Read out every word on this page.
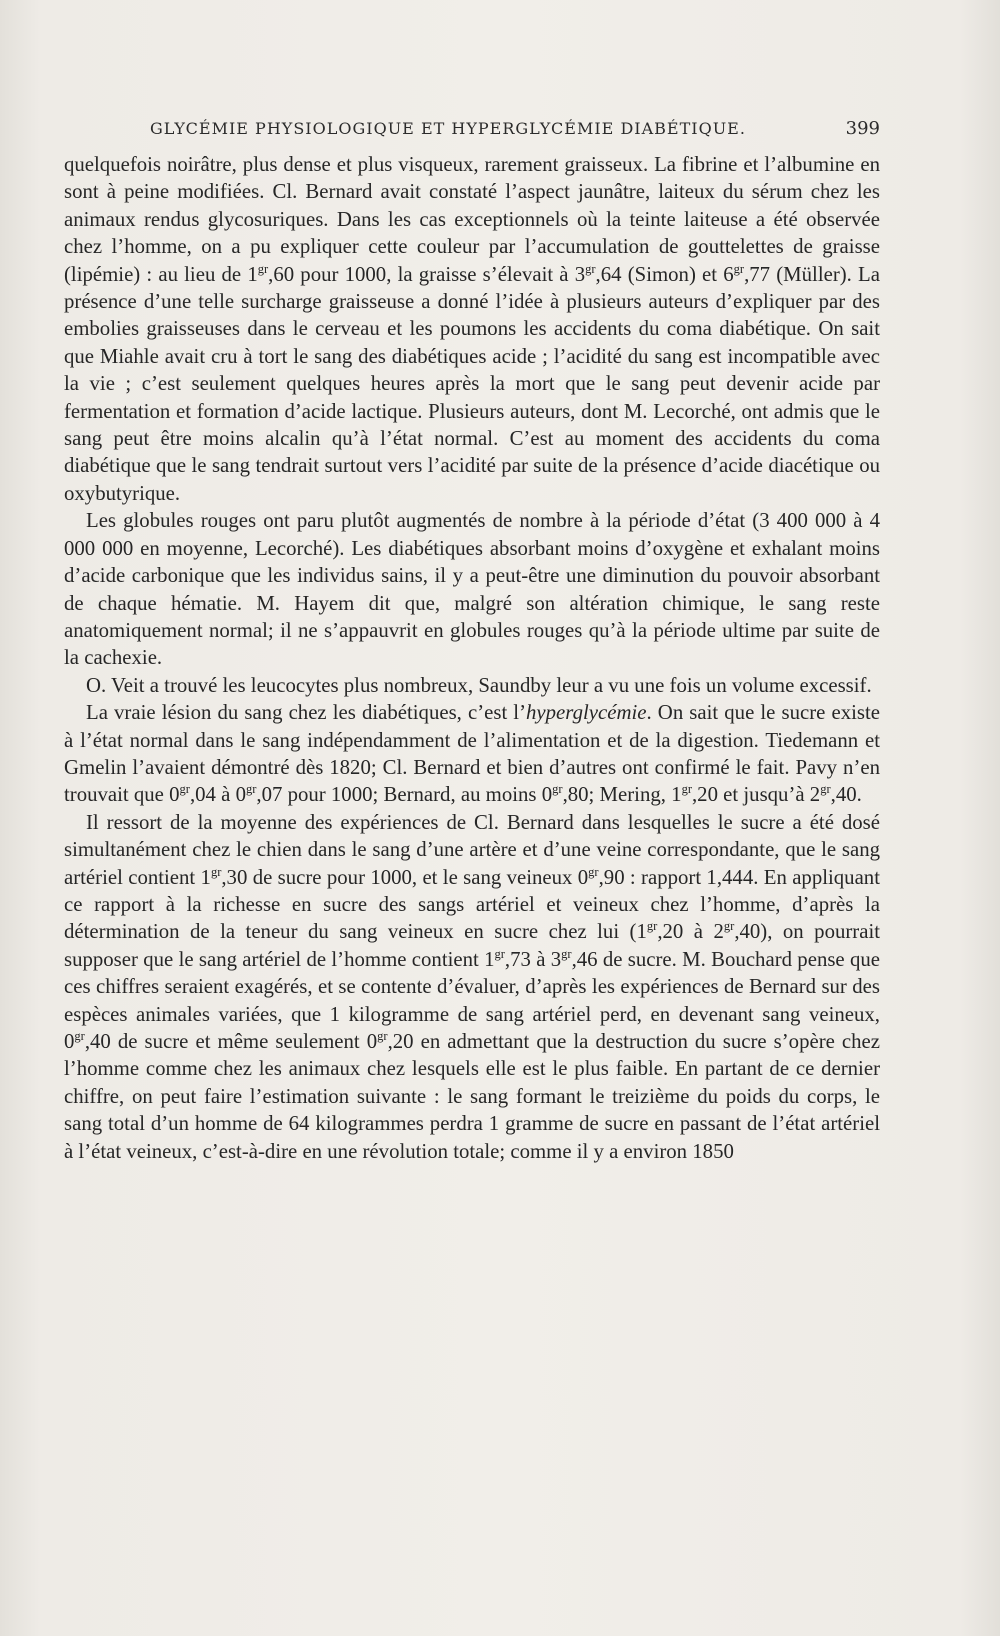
GLYCÉMIE PHYSIOLOGIQUE ET HYPERGLYCÉMIE DIABÉTIQUE.	399

quelquefois noirâtre, plus dense et plus visqueux, rarement graisseux. La fibrine et l’albumine en sont à peine modifiées. Cl. Bernard avait constaté l’aspect jaunâtre, laiteux du sérum chez les animaux rendus glycosuriques. Dans les cas exceptionnels où la teinte laiteuse a été observée chez l’homme, on a pu expliquer cette couleur par l’accumulation de gouttelettes de graisse (lipémie) : au lieu de $1^{gr},60$ pour 1000, la graisse s’élevait à $3^{gr},64$ (Simon) et $6^{gr},77$ (Müller). La présence d’une telle surcharge graisseuse a donné l’idée à plusieurs auteurs d’expliquer par des embolies graisseuses dans le cerveau et les poumons les accidents du coma diabétique. On sait que Miahle avait cru à tort le sang des diabétiques acide ; l’acidité du sang est incompatible avec la vie ; c’est seulement quelques heures après la mort que le sang peut devenir acide par fermentation et formation d’acide lactique. Plusieurs auteurs, dont M. Lecorché, ont admis que le sang peut être moins alcalin qu’à l’état normal. C’est au moment des accidents du coma diabétique que le sang tendrait surtout vers l’acidité par suite de la présence d’acide diacétique ou oxybutyrique.

Les globules rouges ont paru plutôt augmentés de nombre à la période d’état (3 400 000 à 4 000 000 en moyenne, Lecorché). Les diabétiques absorbant moins d’oxygène et exhalant moins d’acide carbonique que les individus sains, il y a peut-être une diminution du pouvoir absorbant de chaque hématie. M. Hayem dit que, malgré son altération chimique, le sang reste anatomiquement normal; il ne s’appauvrit en globules rouges qu’à la période ultime par suite de la cachexie.

O. Veit a trouvé les leucocytes plus nombreux, Saundby leur a vu une fois un volume excessif.

La vraie lésion du sang chez les diabétiques, c’est l’hyperglycémie. On sait que le sucre existe à l’état normal dans le sang indépendamment de l’alimentation et de la digestion. Tiedemann et Gmelin l’avaient démontré dès 1820; Cl. Bernard et bien d’autres ont confirmé le fait. Pavy n’en trouvait que $0^{gr},04$ à $0^{gr},07$ pour 1000; Bernard, au moins $0^{gr},80$; Mering, $1^{gr},20$ et jusqu’à $2^{gr},40$.

Il ressort de la moyenne des expériences de Cl. Bernard dans lesquelles le sucre a été dosé simultanément chez le chien dans le sang d’une artère et d’une veine correspondante, que le sang artériel contient $1^{gr},30$ de sucre pour 1000, et le sang veineux $0^{gr},90$ : rapport 1,444. En appliquant ce rapport à la richesse en sucre des sangs artériel et veineux chez l’homme, d’après la détermination de la teneur du sang veineux en sucre chez lui ($1^{gr},20$ à $2^{gr},40$), on pourrait supposer que le sang artériel de l’homme contient $1^{gr},73$ à $3^{gr},46$ de sucre. M. Bouchard pense que ces chiffres seraient exagérés, et se contente d’évaluer, d’après les expériences de Bernard sur des espèces animales variées, que 1 kilogramme de sang artériel perd, en devenant sang veineux, $0^{gr},40$ de sucre et même seulement $0^{gr},20$ en admettant que la destruction du sucre s’opère chez l’homme comme chez les animaux chez lesquels elle est le plus faible. En partant de ce dernier chiffre, on peut faire l’estimation suivante : le sang formant le treizième du poids du corps, le sang total d’un homme de 64 kilogrammes perdra 1 gramme de sucre en passant de l’état artériel à l’état veineux, c’est-à-dire en une révolution totale; comme il y a environ 1850
